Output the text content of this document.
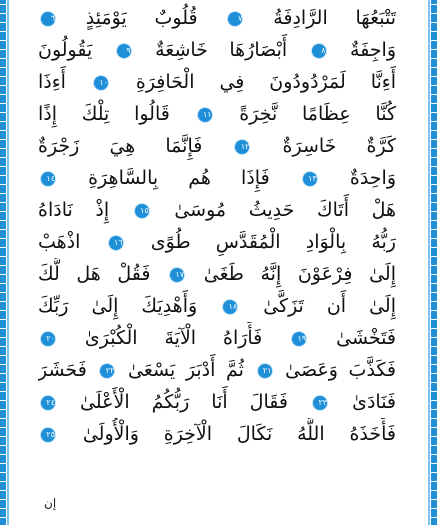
تَتْبَعُهَا الرَّادِفَةُ ٧ قُلُوبٌ يَوْمَئِذٍ ٦
وَاجِفَةٌ ٨ أَبْصَارُهَا خَاشِعَةٌ ٩ يَقُولُونَ
أَءِنَّا لَمَرْدُودُونَ فِي الْحَافِرَةِ ١٠ أَءِذَا
كُنَّا عِظَامًا نَّخِرَةً ١١ قَالُوا تِلْكَ إِذًا
كَرَّةٌ خَاسِرَةٌ ١٢ فَإِنَّمَا هِيَ زَجْرَةٌ
وَاحِدَةٌ ١٣ فَإِذَا هُم بِالسَّاهِرَةِ ١٤
هَلْ أَتَاكَ حَدِيثُ مُوسَىٰ ١٥ إِذْ نَادَاهُ
رَبُّهُ بِالْوَادِ الْمُقَدَّسِ طُوًى ١٦ اذْهَبْ
إِلَىٰ فِرْعَوْنَ إِنَّهُ طَغَىٰ ١٧ فَقُلْ هَل لَّكَ
إِلَىٰ أَن تَزَكَّىٰ ١٨ وَأَهْدِيَكَ إِلَىٰ رَبِّكَ
فَتَخْشَىٰ ١٩ فَأَرَاهُ الْآيَةَ الْكُبْرَىٰ ٢٠
فَكَذَّبَ وَعَصَىٰ ٢١ ثُمَّ أَدْبَرَ يَسْعَىٰ ٢٢ فَحَشَرَ
فَنَادَىٰ ٢٣ فَقَالَ أَنَا رَبُّكُمُ الْأَعْلَىٰ ٢٤
فَأَخَذَهُ اللَّهُ نَكَالَ الْآخِرَةِ وَالْأُولَىٰ ٢٥
إن
